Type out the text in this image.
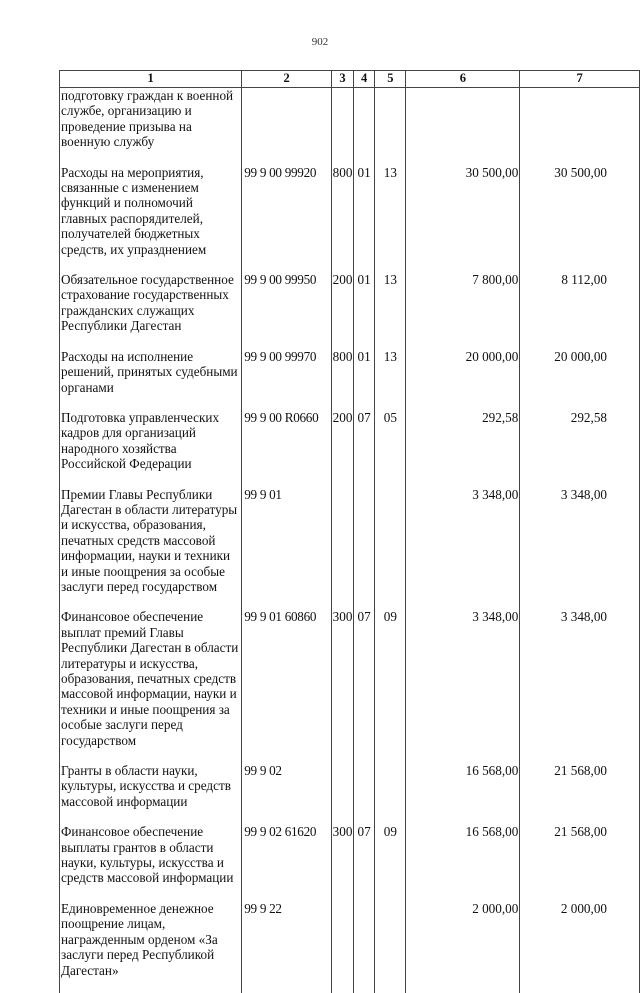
902
1	2	3	4	5	6	7
подготовку граждан к военной службе, организацию и проведение призыва на военную службу						
Расходы на мероприятия, связанные с изменением функций и полномочий главных распорядителей, получателей бюджетных средств, их упразднением	99 9 00 99920	800	01	13	30 500,00	30 500,00
Обязательное государственное страхование государственных гражданских служащих Республики Дагестан	99 9 00 99950	200	01	13	7 800,00	8 112,00
Расходы на исполнение решений, принятых судебными органами	99 9 00 99970	800	01	13	20 000,00	20 000,00
Подготовка управленческих кадров для организаций народного хозяйства Российской Федерации	99 9 00 R0660	200	07	05	292,58	292,58
Премии Главы Республики Дагестан в области литературы и искусства, образования, печатных средств массовой информации, науки и техники и иные поощрения за особые заслуги перед государством	99 9 01				3 348,00	3 348,00
Финансовое обеспечение выплат премий Главы Республики Дагестан в области литературы и искусства, образования, печатных средств массовой информации, науки и техники и иные поощрения за особые заслуги перед государством	99 9 01 60860	300	07	09	3 348,00	3 348,00
Гранты в области науки, культуры, искусства и средств массовой информации	99 9 02				16 568,00	21 568,00
Финансовое обеспечение выплаты грантов в области науки, культуры, искусства и средств массовой информации	99 9 02 61620	300	07	09	16 568,00	21 568,00
Единовременное денежное поощрение лицам, награжденным орденом «За заслуги перед Республикой Дагестан»	99 9 22				2 000,00	2 000,00
